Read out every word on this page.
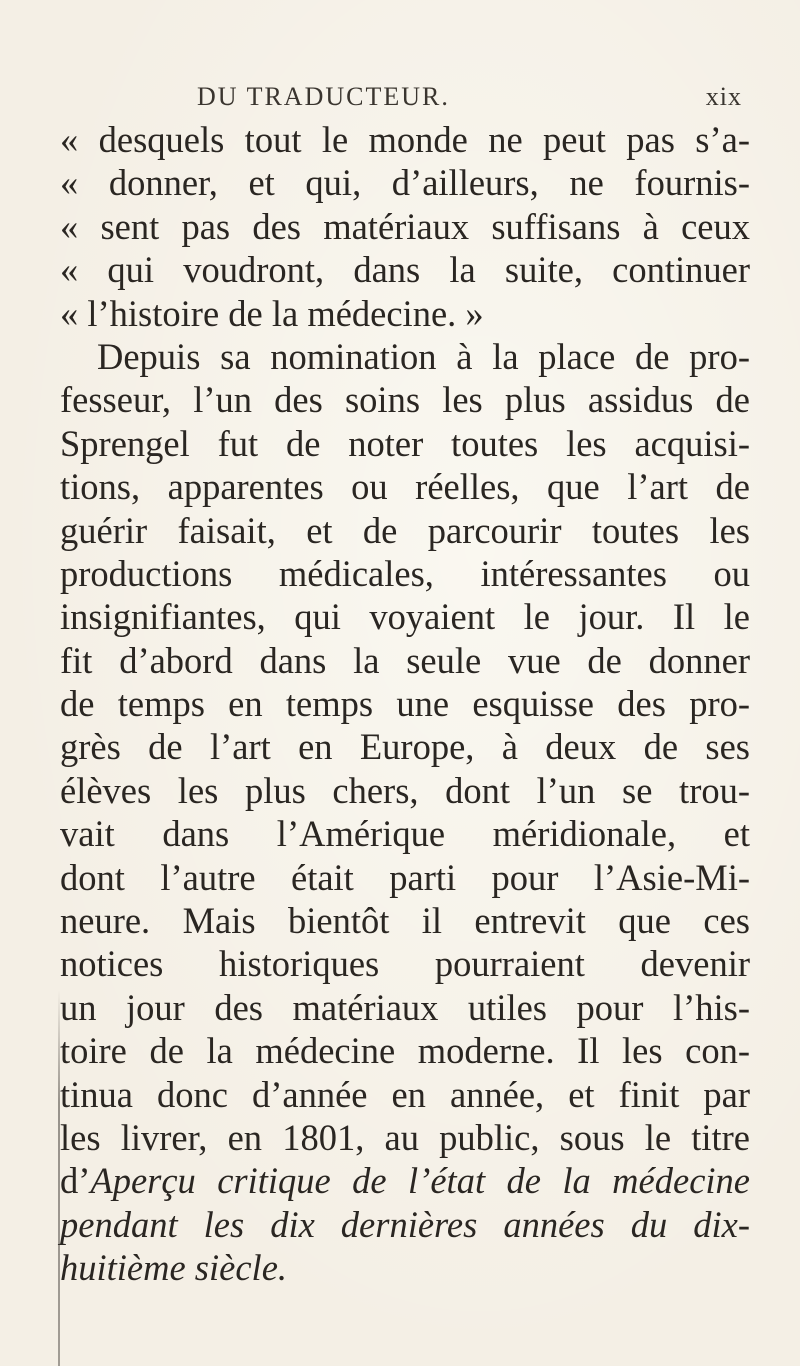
DU TRADUCTEUR.	xix
« desquels tout le monde ne peut pas s’a-
« donner, et qui, d’ailleurs, ne fournis-
« sent pas des matériaux suffisans à ceux
« qui voudront, dans la suite, continuer
« l’histoire de la médecine. »
Depuis sa nomination à la place de pro-
fesseur, l’un des soins les plus assidus de
Sprengel fut de noter toutes les acquisi-
tions, apparentes ou réelles, que l’art de
guérir faisait, et de parcourir toutes les
productions médicales, intéressantes ou
insignifiantes, qui voyaient le jour. Il le
fit d’abord dans la seule vue de donner
de temps en temps une esquisse des pro-
grès de l’art en Europe, à deux de ses
élèves les plus chers, dont l’un se trou-
vait dans l’Amérique méridionale, et
dont l’autre était parti pour l’Asie-Mi-
neure. Mais bientôt il entrevit que ces
notices historiques pourraient devenir
un jour des matériaux utiles pour l’his-
toire de la médecine moderne. Il les con-
tinua donc d’année en année, et finit par
les livrer, en 1801, au public, sous le titre
d’Aperçu critique de l’état de la médecine
pendant les dix dernières années du dix-
huitième siècle.
